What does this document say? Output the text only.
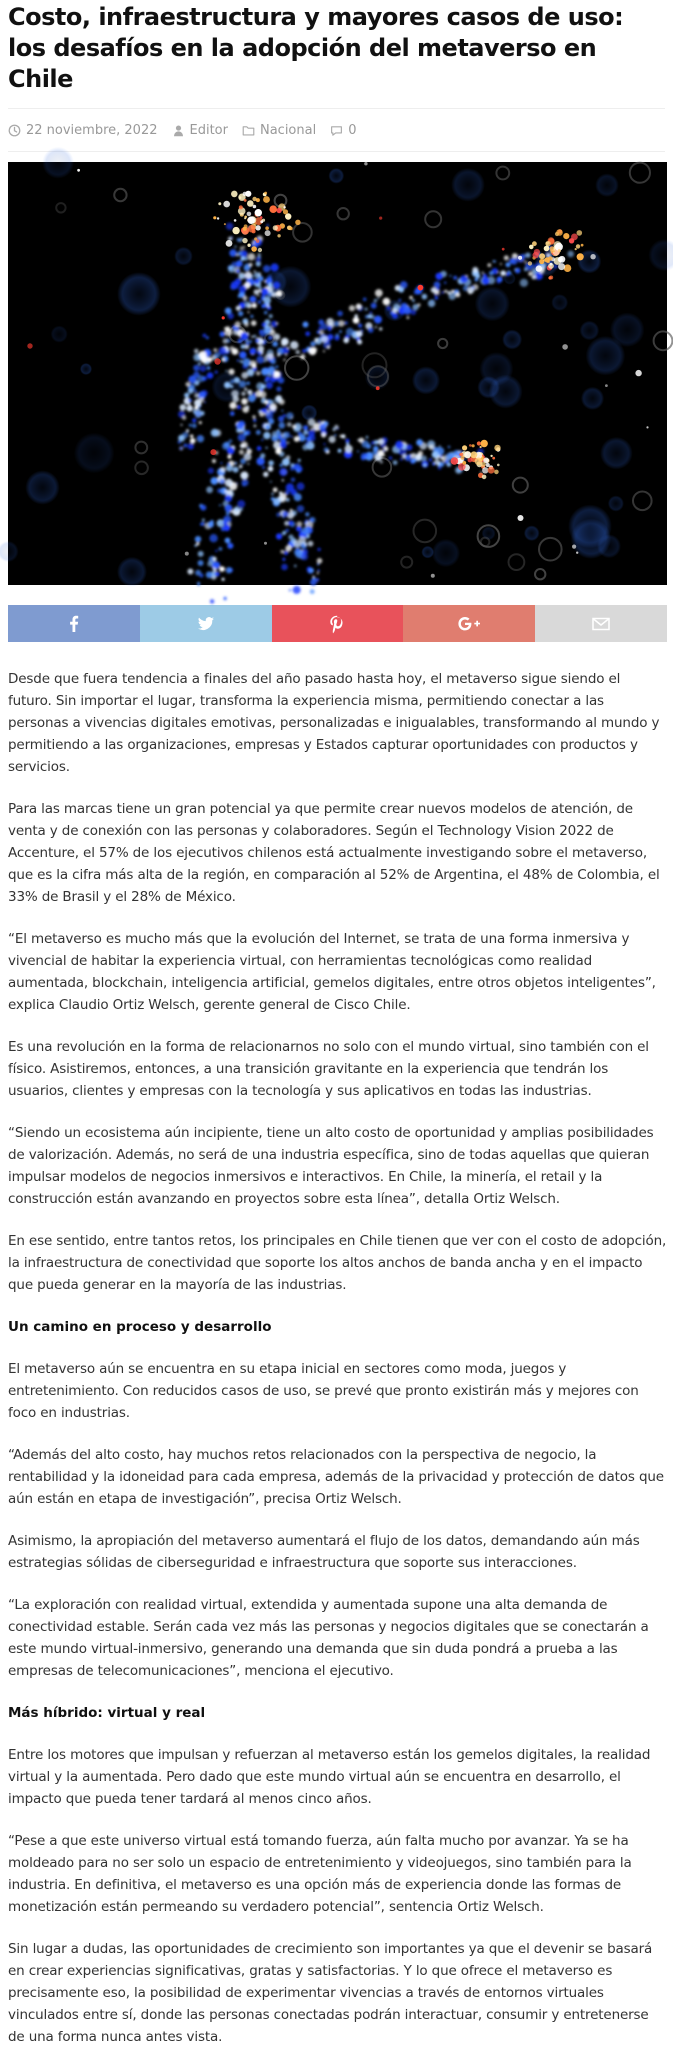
Costo, infraestructura y mayores casos de uso: los desafíos en la adopción del metaverso en Chile
22 noviembre, 2022 Editor Nacional 0

Desde que fuera tendencia a finales del año pasado hasta hoy, el metaverso sigue siendo el futuro. Sin importar el lugar, transforma la experiencia misma, permitiendo conectar a las personas a vivencias digitales emotivas, personalizadas e inigualables, transformando al mundo y permitiendo a las organizaciones, empresas y Estados capturar oportunidades con productos y servicios.

Para las marcas tiene un gran potencial ya que permite crear nuevos modelos de atención, de venta y de conexión con las personas y colaboradores. Según el Technology Vision 2022 de Accenture, el 57% de los ejecutivos chilenos está actualmente investigando sobre el metaverso, que es la cifra más alta de la región, en comparación al 52% de Argentina, el 48% de Colombia, el 33% de Brasil y el 28% de México.

“El metaverso es mucho más que la evolución del Internet, se trata de una forma inmersiva y vivencial de habitar la experiencia virtual, con herramientas tecnológicas como realidad aumentada, blockchain, inteligencia artificial, gemelos digitales, entre otros objetos inteligentes”, explica Claudio Ortiz Welsch, gerente general de Cisco Chile.

Es una revolución en la forma de relacionarnos no solo con el mundo virtual, sino también con el físico. Asistiremos, entonces, a una transición gravitante en la experiencia que tendrán los usuarios, clientes y empresas con la tecnología y sus aplicativos en todas las industrias.

“Siendo un ecosistema aún incipiente, tiene un alto costo de oportunidad y amplias posibilidades de valorización. Además, no será de una industria específica, sino de todas aquellas que quieran impulsar modelos de negocios inmersivos e interactivos. En Chile, la minería, el retail y la construcción están avanzando en proyectos sobre esta línea”, detalla Ortiz Welsch.

En ese sentido, entre tantos retos, los principales en Chile tienen que ver con el costo de adopción, la infraestructura de conectividad que soporte los altos anchos de banda ancha y en el impacto que pueda generar en la mayoría de las industrias.

Un camino en proceso y desarrollo

El metaverso aún se encuentra en su etapa inicial en sectores como moda, juegos y entretenimiento. Con reducidos casos de uso, se prevé que pronto existirán más y mejores con foco en industrias.

“Además del alto costo, hay muchos retos relacionados con la perspectiva de negocio, la rentabilidad y la idoneidad para cada empresa, además de la privacidad y protección de datos que aún están en etapa de investigación”, precisa Ortiz Welsch.

Asimismo, la apropiación del metaverso aumentará el flujo de los datos, demandando aún más estrategias sólidas de ciberseguridad e infraestructura que soporte sus interacciones.

“La exploración con realidad virtual, extendida y aumentada supone una alta demanda de conectividad estable. Serán cada vez más las personas y negocios digitales que se conectarán a este mundo virtual-inmersivo, generando una demanda que sin duda pondrá a prueba a las empresas de telecomunicaciones”, menciona el ejecutivo.

Más híbrido: virtual y real

Entre los motores que impulsan y refuerzan al metaverso están los gemelos digitales, la realidad virtual y la aumentada. Pero dado que este mundo virtual aún se encuentra en desarrollo, el impacto que pueda tener tardará al menos cinco años.

“Pese a que este universo virtual está tomando fuerza, aún falta mucho por avanzar. Ya se ha moldeado para no ser solo un espacio de entretenimiento y videojuegos, sino también para la industria. En definitiva, el metaverso es una opción más de experiencia donde las formas de monetización están permeando su verdadero potencial”, sentencia Ortiz Welsch.

Sin lugar a dudas, las oportunidades de crecimiento son importantes ya que el devenir se basará en crear experiencias significativas, gratas y satisfactorias. Y lo que ofrece el metaverso es precisamente eso, la posibilidad de experimentar vivencias a través de entornos virtuales vinculados entre sí, donde las personas conectadas podrán interactuar, consumir y entretenerse de una forma nunca antes vista.
